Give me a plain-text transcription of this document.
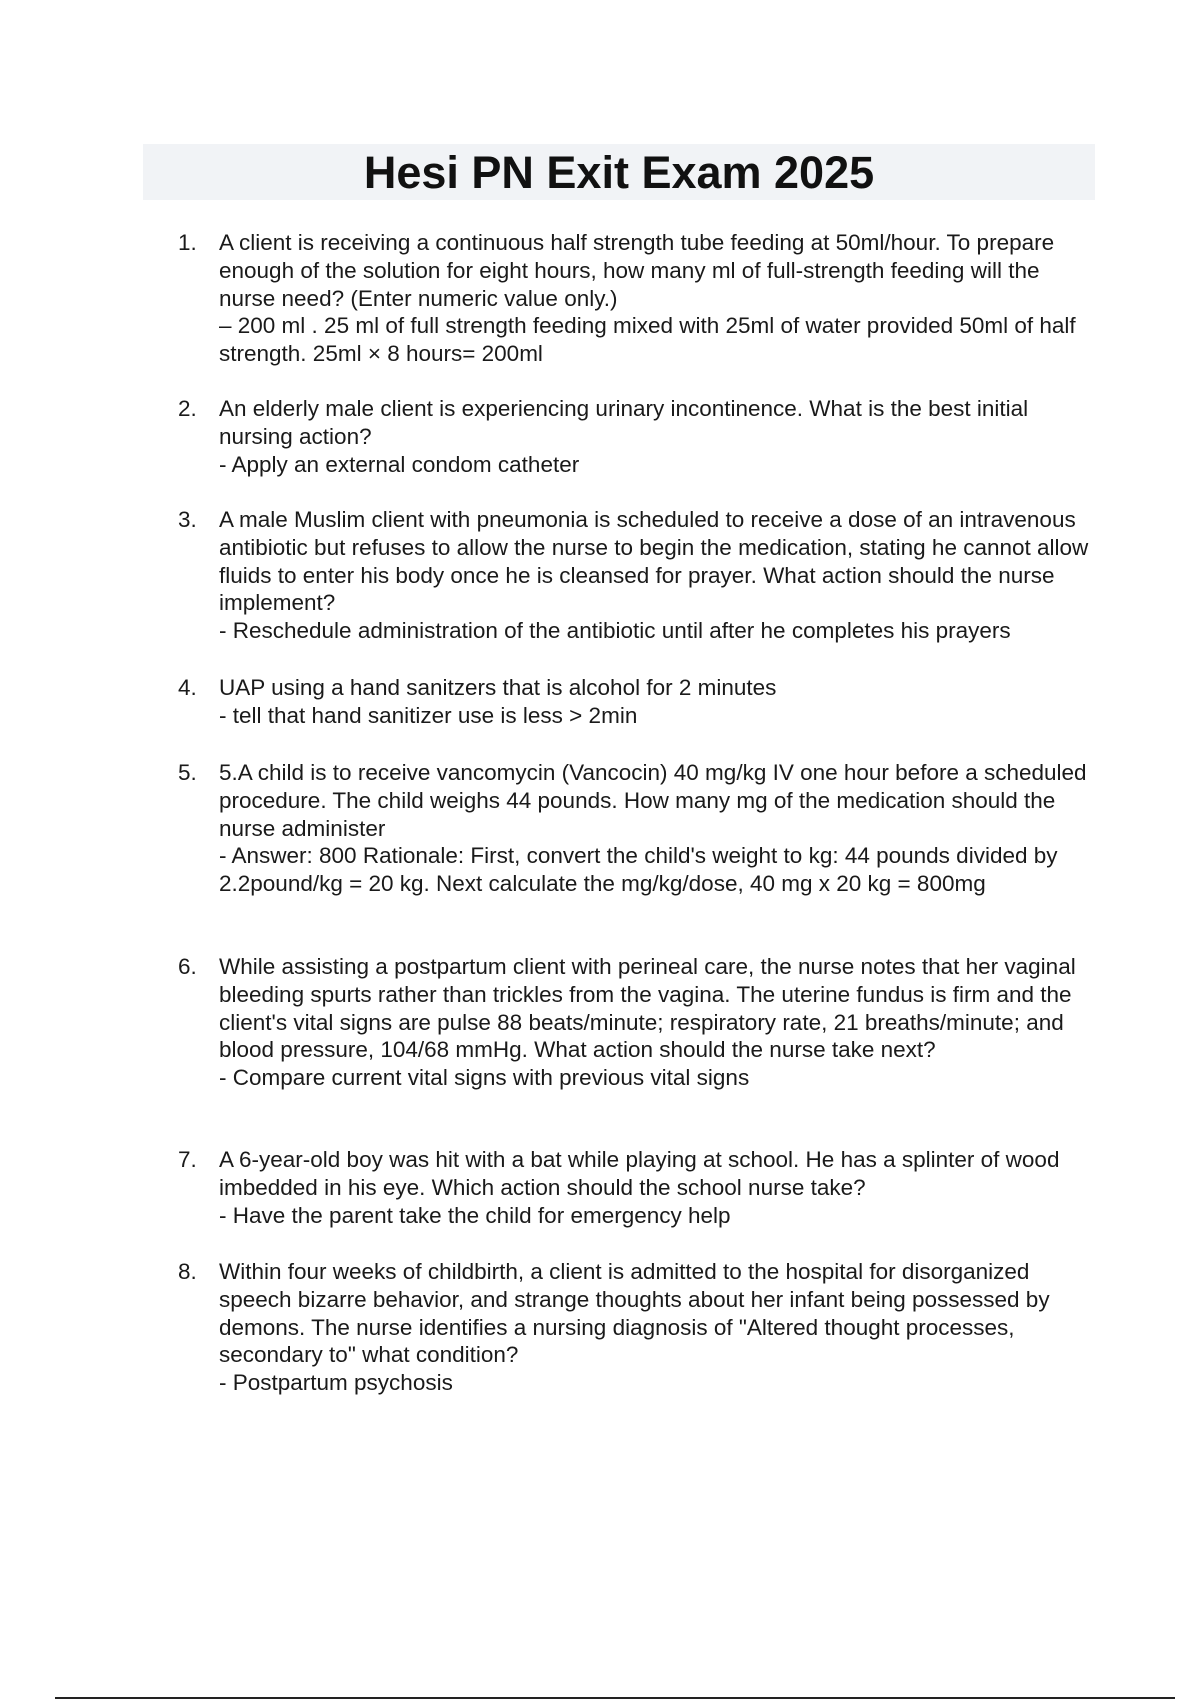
Hesi PN Exit Exam 2025
1. A client is receiving a continuous half strength tube feeding at 50ml/hour. To prepare enough of the solution for eight hours, how many ml of full-strength feeding will the nurse need? (Enter numeric value only.)

– 200 ml . 25 ml of full strength feeding mixed with 25ml of water provided 50ml of half strength. 25ml × 8 hours= 200ml

2. An elderly male client is experiencing urinary incontinence. What is the best initial nursing action?

- Apply an external condom catheter

3. A male Muslim client with pneumonia is scheduled to receive a dose of an intravenous antibiotic but refuses to allow the nurse to begin the medication, stating he cannot allow fluids to enter his body once he is cleansed for prayer. What action should the nurse implement?

- Reschedule administration of the antibiotic until after he completes his prayers

4. UAP using a hand sanitzers that is alcohol for 2 minutes

- tell that hand sanitizer use is less > 2min

5. 5.A child is to receive vancomycin (Vancocin) 40 mg/kg IV one hour before a scheduled procedure. The child weighs 44 pounds. How many mg of the medication should the nurse administer

- Answer: 800 Rationale: First, convert the child's weight to kg: 44 pounds divided by 2.2pound/kg = 20 kg. Next calculate the mg/kg/dose, 40 mg x 20 kg = 800mg

6. While assisting a postpartum client with perineal care, the nurse notes that her vaginal bleeding spurts rather than trickles from the vagina. The uterine fundus is firm and the client's vital signs are pulse 88 beats/minute; respiratory rate, 21 breaths/minute; and blood pressure, 104/68 mmHg. What action should the nurse take next?

- Compare current vital signs with previous vital signs

7. A 6-year-old boy was hit with a bat while playing at school. He has a splinter of wood imbedded in his eye. Which action should the school nurse take?

- Have the parent take the child for emergency help

8. Within four weeks of childbirth, a client is admitted to the hospital for disorganized speech bizarre behavior, and strange thoughts about her infant being possessed by demons. The nurse identifies a nursing diagnosis of "Altered thought processes, secondary to" what condition?

- Postpartum psychosis
